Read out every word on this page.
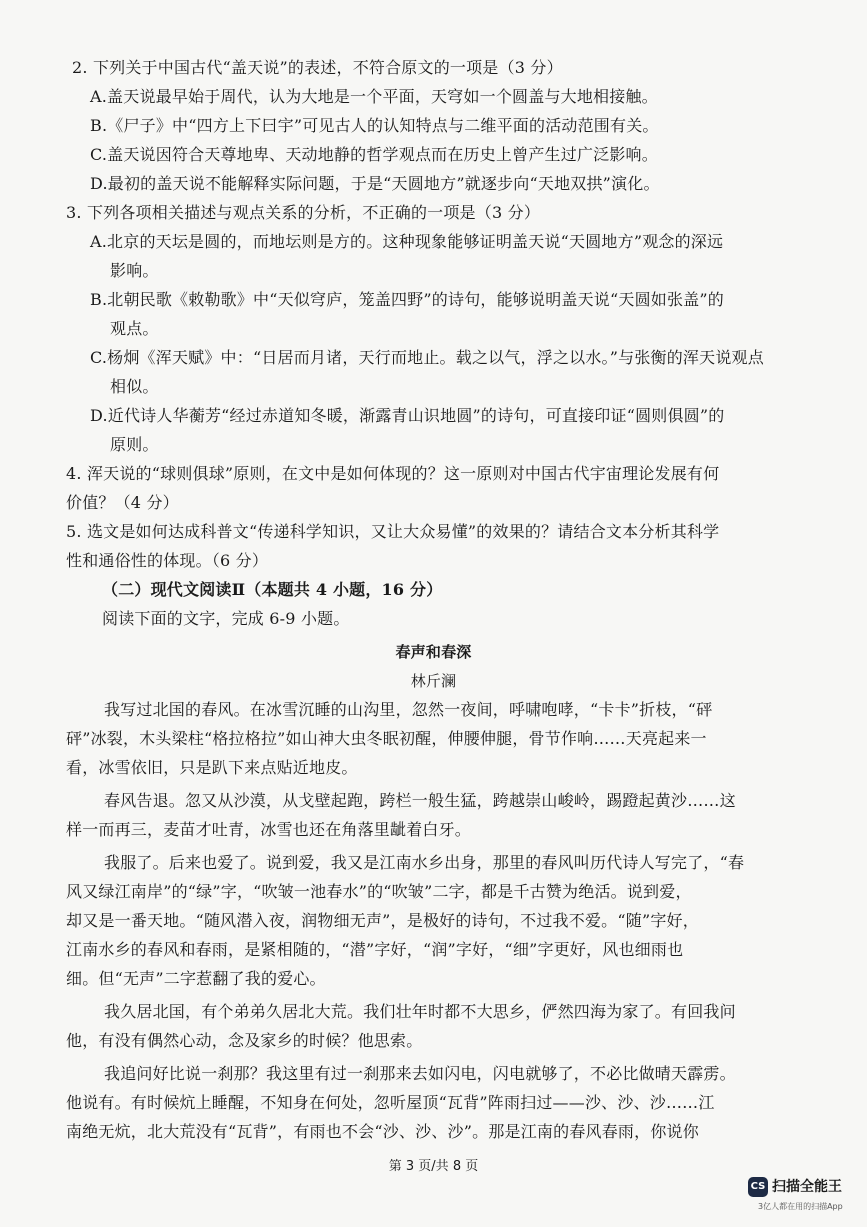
2. 下列关于中国古代“盖天说”的表述，不符合原文的一项是（3 分）
A.盖天说最早始于周代，认为大地是一个平面，天穹如一个圆盖与大地相接触。
B.《尸子》中“四方上下曰宇”可见古人的认知特点与二维平面的活动范围有关。
C.盖天说因符合天尊地卑、天动地静的哲学观点而在历史上曾产生过广泛影响。
D.最初的盖天说不能解释实际问题，于是“天圆地方”就逐步向“天地双拱”演化。
3. 下列各项相关描述与观点关系的分析，不正确的一项是（3 分）
A.北京的天坛是圆的，而地坛则是方的。这种现象能够证明盖天说“天圆地方”观念的深远
影响。
B.北朝民歌《敕勒歌》中“天似穹庐，笼盖四野”的诗句，能够说明盖天说“天圆如张盖”的
观点。
C.杨炯《浑天赋》中：“日居而月诸，天行而地止。载之以气，浮之以水。”与张衡的浑天说观点
相似。
D.近代诗人华蘅芳“经过赤道知冬暖，渐露青山识地圆”的诗句，可直接印证“圆则俱圆”的
原则。
4. 浑天说的“球则俱球”原则，在文中是如何体现的？这一原则对中国古代宇宙理论发展有何
价值？（4 分）
5. 选文是如何达成科普文“传递科学知识，又让大众易懂”的效果的？请结合文本分析其科学
性和通俗性的体现。（6 分）
（二）现代文阅读Ⅱ（本题共 4 小题，16 分）
阅读下面的文字，完成 6-9 小题。
春声和春深
林斤澜
我写过北国的春风。在冰雪沉睡的山沟里，忽然一夜间，呼啸咆哮，“卡卡”折枝，“砰
砰”冰裂，木头梁柱“格拉格拉”如山神大虫冬眠初醒，伸腰伸腿，骨节作响……天亮起来一
看，冰雪依旧，只是趴下来点贴近地皮。
春风告退。忽又从沙漠，从戈壁起跑，跨栏一般生猛，跨越崇山峻岭，踢蹬起黄沙……这
样一而再三，麦苗才吐青，冰雪也还在角落里龇着白牙。
我服了。后来也爱了。说到爱，我又是江南水乡出身，那里的春风叫历代诗人写完了，“春
风又绿江南岸”的“绿”字，“吹皱一池春水”的“吹皱”二字，都是千古赞为绝活。说到爱，
却又是一番天地。“随风潜入夜，润物细无声”，是极好的诗句，不过我不爱。“随”字好，
江南水乡的春风和春雨，是紧相随的，“潜”字好，“润”字好，“细”字更好，风也细雨也
细。但“无声”二字惹翻了我的爱心。
我久居北国，有个弟弟久居北大荒。我们壮年时都不大思乡，俨然四海为家了。有回我问
他，有没有偶然心动，念及家乡的时候？他思索。
我追问好比说一刹那？我这里有过一刹那来去如闪电，闪电就够了，不必比做晴天霹雳。
他说有。有时候炕上睡醒，不知身在何处，忽听屋顶“瓦背”阵雨扫过——沙、沙、沙……江
南绝无炕，北大荒没有“瓦背”，有雨也不会“沙、沙、沙”。那是江南的春风春雨，你说你
第 3 页/共 8 页
CS 扫描全能王
3亿人都在用的扫描App
